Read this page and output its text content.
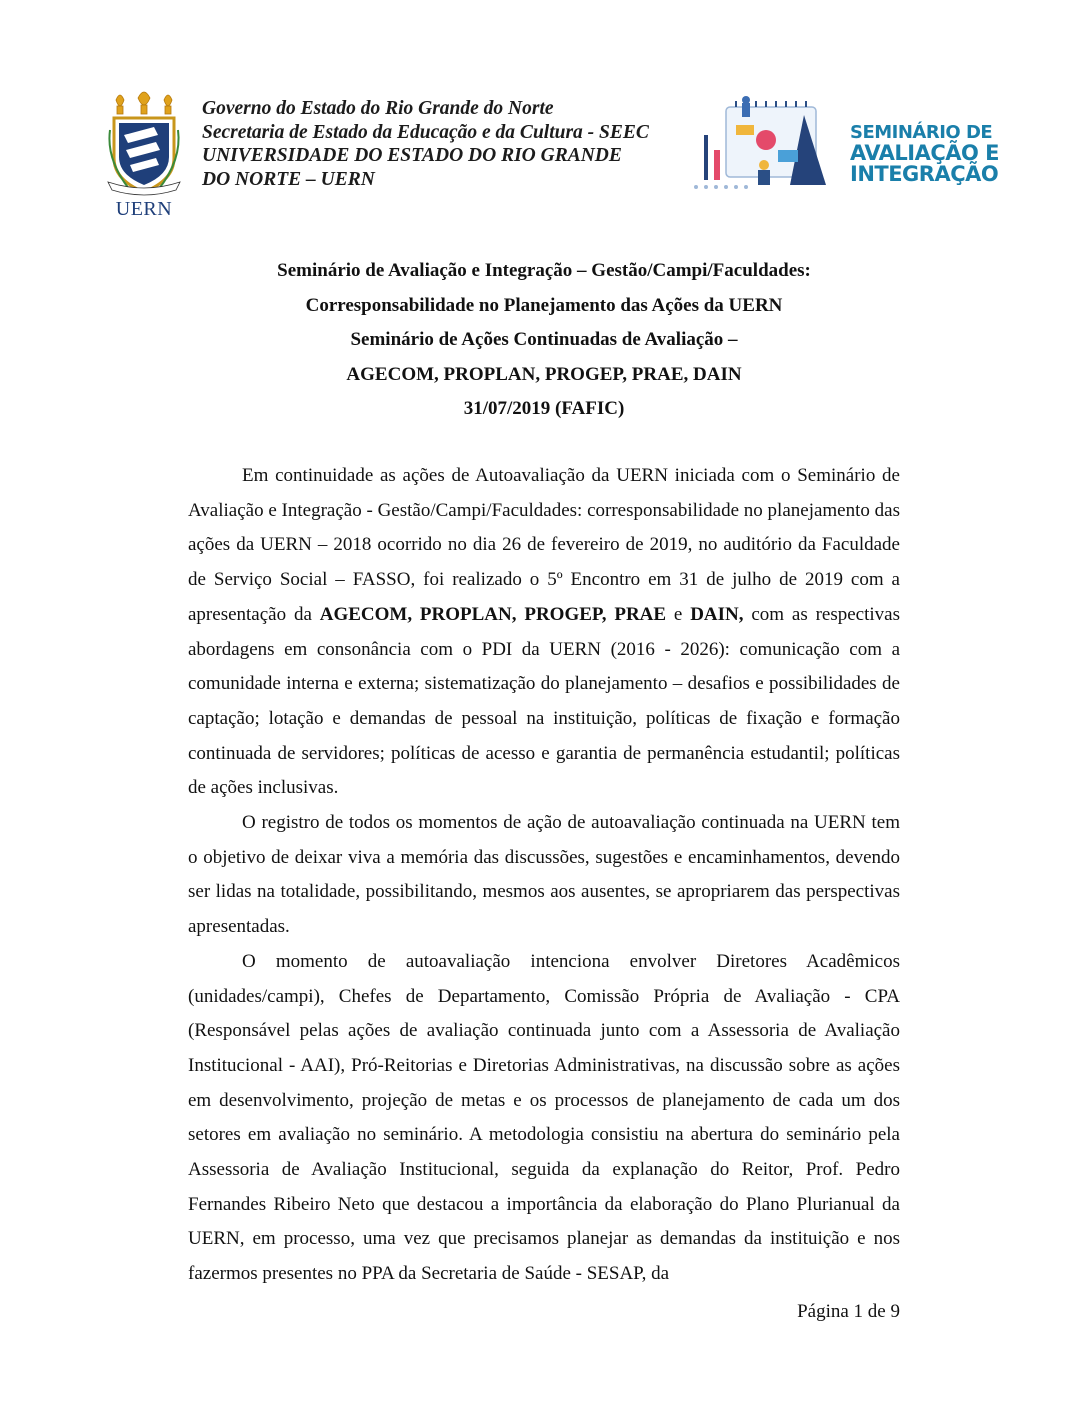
UERN
Governo do Estado do Rio Grande do Norte
Secretaria de Estado da Educação e da Cultura - SEEC
UNIVERSIDADE DO ESTADO DO RIO GRANDE
DO NORTE – UERN
SEMINÁRIO DE
AVALIAÇÃO E
INTEGRAÇÃO
Seminário de Avaliação e Integração – Gestão/Campi/Faculdades:
Corresponsabilidade no Planejamento das Ações da UERN
Seminário de Ações Continuadas de Avaliação –
AGECOM, PROPLAN, PROGEP, PRAE, DAIN
31/07/2019 (FAFIC)

Em continuidade as ações de Autoavaliação da UERN iniciada com o Seminário de Avaliação e Integração - Gestão/Campi/Faculdades: corresponsabilidade no planejamento das ações da UERN – 2018 ocorrido no dia 26 de fevereiro de 2019, no auditório da Faculdade de Serviço Social – FASSO, foi realizado o 5º Encontro em 31 de julho de 2019 com a apresentação da AGECOM, PROPLAN, PROGEP, PRAE e DAIN, com as respectivas abordagens em consonância com o PDI da UERN (2016 - 2026): comunicação com a comunidade interna e externa; sistematização do planejamento – desafios e possibilidades de captação; lotação e demandas de pessoal na instituição, políticas de fixação e formação continuada de servidores; políticas de acesso e garantia de permanência estudantil; políticas de ações inclusivas.

O registro de todos os momentos de ação de autoavaliação continuada na UERN tem o objetivo de deixar viva a memória das discussões, sugestões e encaminhamentos, devendo ser lidas na totalidade, possibilitando, mesmos aos ausentes, se apropriarem das perspectivas apresentadas.

O momento de autoavaliação intenciona envolver Diretores Acadêmicos (unidades/campi), Chefes de Departamento, Comissão Própria de Avaliação - CPA (Responsável pelas ações de avaliação continuada junto com a Assessoria de Avaliação Institucional - AAI), Pró-Reitorias e Diretorias Administrativas, na discussão sobre as ações em desenvolvimento, projeção de metas e os processos de planejamento de cada um dos setores em avaliação no seminário. A metodologia consistiu na abertura do seminário pela Assessoria de Avaliação Institucional, seguida da explanação do Reitor, Prof. Pedro Fernandes Ribeiro Neto que destacou a importância da elaboração do Plano Plurianual da UERN, em processo, uma vez que precisamos planejar as demandas da instituição e nos fazermos presentes no PPA da Secretaria de Saúde - SESAP, da

Página 1 de 9
